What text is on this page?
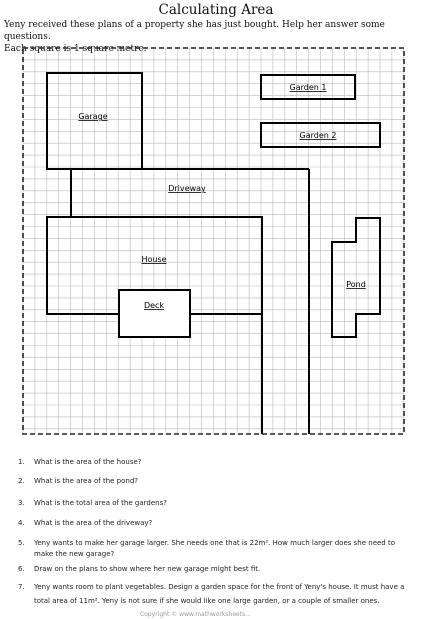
Calculating Area
Yeny received these plans of a property she has just bought. Help her answer some questions.
Each square is 1 square metre.
Garage
Garden 1
Garden 2
Driveway
House
Deck
Pond
1.	What is the area of the house?
2.	What is the area of the pond?
3.	What is the total area of the gardens?
4.	What is the area of the driveway?
5.	Yeny wants to make her garage larger. She needs one that is 22m². How much larger does she need to
make the new garage?
6.	Draw on the plans to show where her new garage might best fit.
7.	Yeny wants room to plant vegetables. Design a garden space for the front of Yeny's house. It must have a
total area of 11m². Yeny is not sure if she would like one large garden, or a couple of smaller ones.
Copyright © www.mathworksheets...
